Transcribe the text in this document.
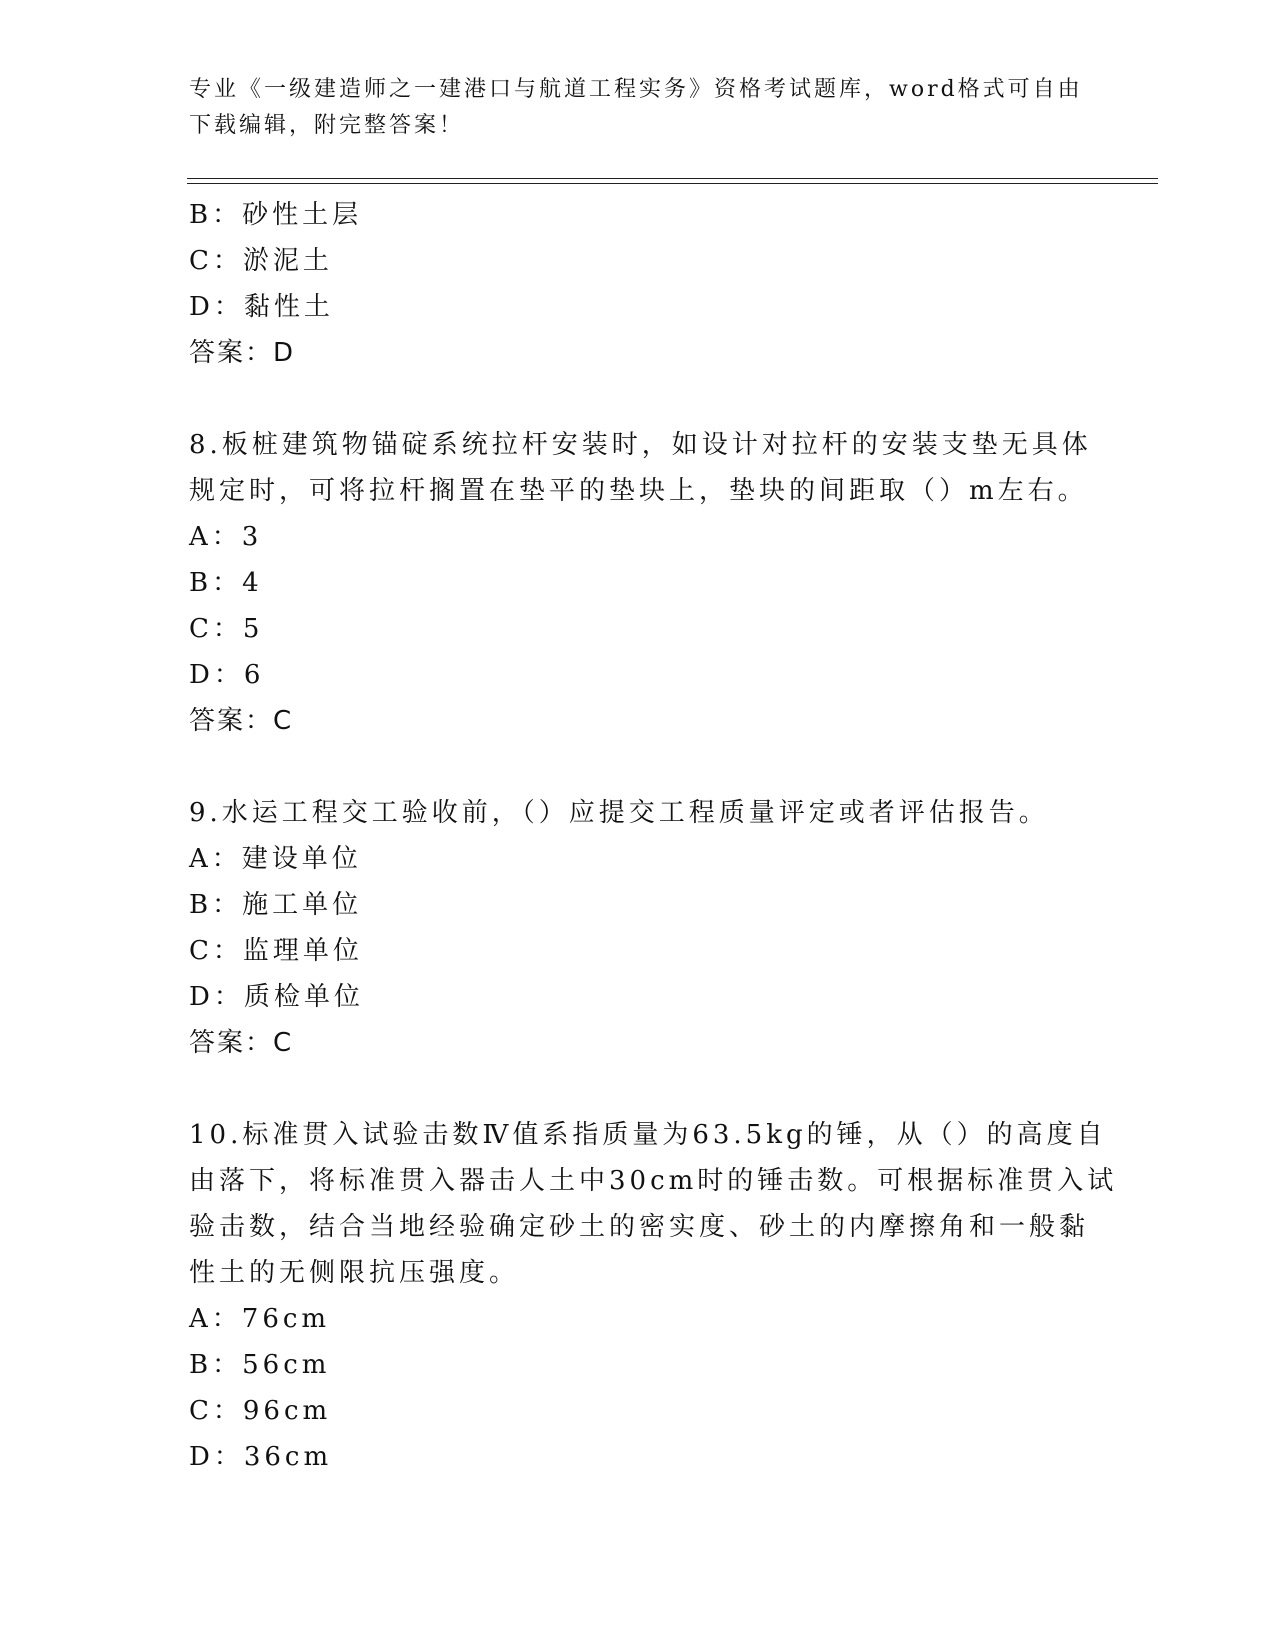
专业《一级建造师之一建港口与航道工程实务》资格考试题库，word格式可自由下载编辑，附完整答案！
B：砂性土层
C：淤泥土
D：黏性土
答案：D
8.板桩建筑物锚碇系统拉杆安装时，如设计对拉杆的安装支垫无具体
规定时，可将拉杆搁置在垫平的垫块上，垫块的间距取（）m左右。
A：3
B：4
C：5
D：6
答案：C
9.水运工程交工验收前，（）应提交工程质量评定或者评估报告。
A：建设单位
B：施工单位
C：监理单位
D：质检单位
答案：C
10.标准贯入试验击数Ⅳ值系指质量为63.5kg的锤，从（）的高度自
由落下，将标准贯入器击人土中30cm时的锤击数。可根据标准贯入试
验击数，结合当地经验确定砂土的密实度、砂土的内摩擦角和一般黏
性土的无侧限抗压强度。
A：76cm
B：56cm
C：96cm
D：36cm
